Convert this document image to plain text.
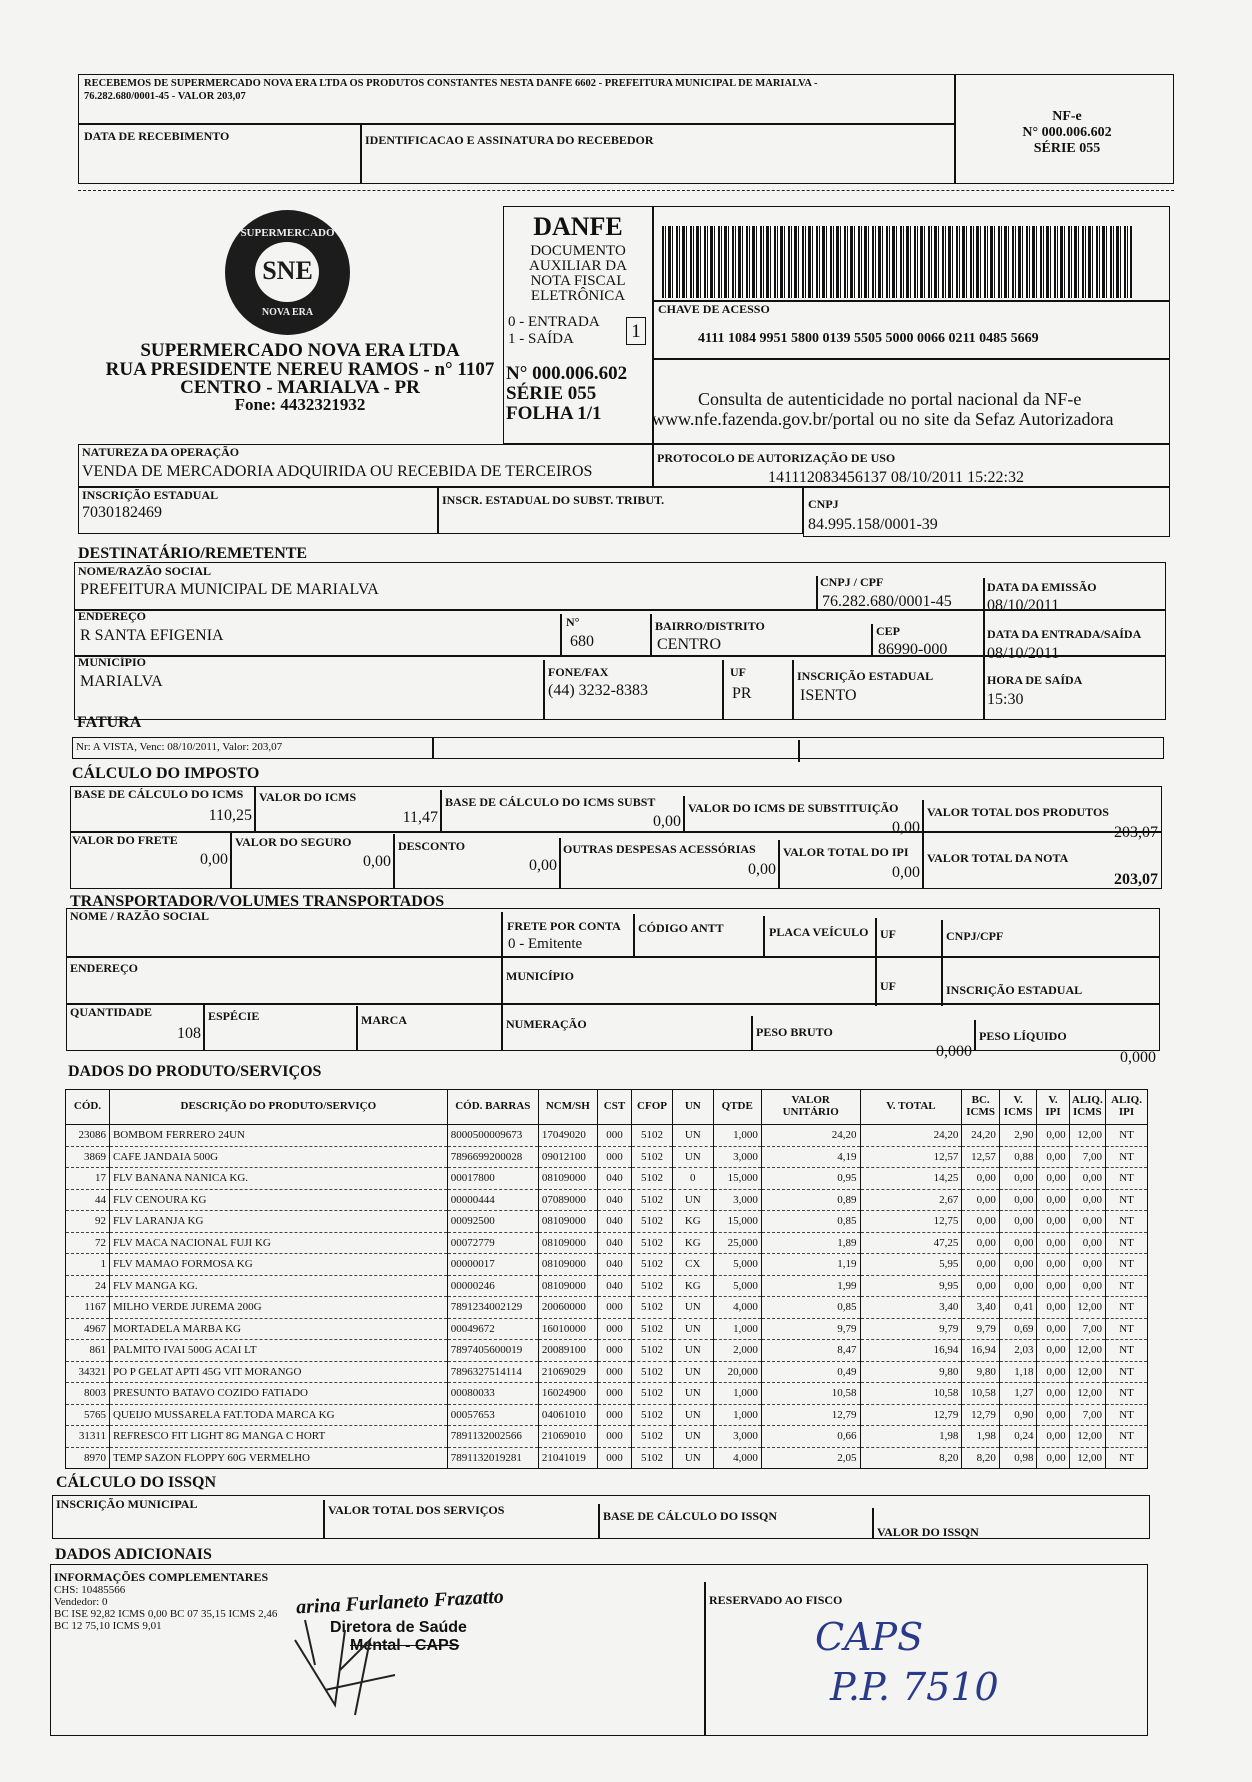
RECEBEMOS DE SUPERMERCADO NOVA ERA LTDA OS PRODUTOS CONSTANTES NESTA DANFE 6602 - PREFEITURA MUNICIPAL DE MARIALVA -
76.282.680/0001-45 - VALOR 203,07
DATA DE RECEBIMENTO	IDENTIFICACAO E ASSINATURA DO RECEBEDOR
NF-e
N° 000.006.602
SÉRIE 055
SUPERMERCADO
SNE
NOVA ERA
SUPERMERCADO NOVA ERA LTDA
RUA PRESIDENTE NEREU RAMOS - n° 1107
CENTRO - MARIALVA - PR
Fone: 4432321932
DANFE
DOCUMENTO
AUXILIAR DA
NOTA FISCAL
ELETRÔNICA
0 - ENTRADA
1 - SAÍDA	1
N° 000.006.602
SÉRIE 055
FOLHA 1/1
CHAVE DE ACESSO
4111 1084 9951 5800 0139 5505 5000 0066 0211 0485 5669
Consulta de autenticidade no portal nacional da NF-e
www.nfe.fazenda.gov.br/portal ou no site da Sefaz Autorizadora
NATUREZA DA OPERAÇÃO
VENDA DE MERCADORIA ADQUIRIDA OU RECEBIDA DE TERCEIROS
PROTOCOLO DE AUTORIZAÇÃO DE USO
141112083456137 08/10/2011 15:22:32
INSCRIÇÃO ESTADUAL
7030182469
INSCR. ESTADUAL DO SUBST. TRIBUT.	CNPJ
84.995.158/0001-39
DESTINATÁRIO/REMETENTE
NOME/RAZÃO SOCIAL
PREFEITURA MUNICIPAL DE MARIALVA	CNPJ / CPF
76.282.680/0001-45
DATA DA EMISSÃO
08/10/2011
ENDEREÇO
R SANTA EFIGENIA
N°
680
BAIRRO/DISTRITO
CENTRO
CEP
86990-000
DATA DA ENTRADA/SAÍDA
08/10/2011
MUNICÍPIO
MARIALVA
FONE/FAX
(44) 3232-8383
UF
PR
INSCRIÇÃO ESTADUAL
ISENTO
HORA DE SAÍDA
15:30
FATURA
Nr: A VISTA, Venc: 08/10/2011, Valor: 203,07
CÁLCULO DO IMPOSTO
BASE DE CÁLCULO DO ICMS
110,25
VALOR DO ICMS
11,47
BASE DE CÁLCULO DO ICMS SUBST
0,00
VALOR DO ICMS DE SUBSTITUIÇÃO
0,00
VALOR TOTAL DOS PRODUTOS
203,07
VALOR DO FRETE
0,00
VALOR DO SEGURO
0,00
DESCONTO
0,00
OUTRAS DESPESAS ACESSÓRIAS
0,00
VALOR TOTAL DO IPI
0,00
VALOR TOTAL DA NOTA
203,07
TRANSPORTADOR/VOLUMES TRANSPORTADOS
NOME / RAZÃO SOCIAL
FRETE POR CONTA
0 - Emitente
CÓDIGO ANTT	PLACA VEÍCULO UF	CNPJ/CPF
ENDEREÇO
MUNICÍPIO
UF	INSCRIÇÃO ESTADUAL
QUANTIDADE
108
ESPÉCIE	MARCA	NUMERAÇÃO
PESO BRUTO
0,000
PESO LÍQUIDO
0,000
DADOS DO PRODUTO/SERVIÇOS
CÓD.	DESCRIÇÃO DO PRODUTO/SERVIÇO	CÓD. BARRAS	NCM/SH	CST	CFOP	UN	QTDE	VALOR UNITÁRIO	V. TOTAL	BC. ICMS	V. ICMS	V. IPI	ALIQ. ICMS	ALIQ. IPI
23086	BOMBOM FERRERO 24UN	8000500009673	17049020	000	5102	UN	1,000	24,20	24,20	24,20	2,90	0,00	12,00	NT
3869	CAFE JANDAIA 500G	7896699200028	09012100	000	5102	UN	3,000	4,19	12,57	12,57	0,88	0,00	7,00	NT
17	FLV BANANA NANICA KG.	00017800	08109000	040	5102	0	15,000	0,95	14,25	0,00	0,00	0,00	0,00	NT
44	FLV CENOURA KG	00000444	07089000	040	5102	UN	3,000	0,89	2,67	0,00	0,00	0,00	0,00	NT
92	FLV LARANJA KG	00092500	08109000	040	5102	KG	15,000	0,85	12,75	0,00	0,00	0,00	0,00	NT
72	FLV MACA NACIONAL FUJI KG	00072779	08109000	040	5102	KG	25,000	1,89	47,25	0,00	0,00	0,00	0,00	NT
1	FLV MAMAO FORMOSA KG	00000017	08109000	040	5102	CX	5,000	1,19	5,95	0,00	0,00	0,00	0,00	NT
24	FLV MANGA KG.	00000246	08109000	040	5102	KG	5,000	1,99	9,95	0,00	0,00	0,00	0,00	NT
1167	MILHO VERDE JUREMA 200G	7891234002129	20060000	000	5102	UN	4,000	0,85	3,40	3,40	0,41	0,00	12,00	NT
4967	MORTADELA MARBA KG	00049672	16010000	000	5102	UN	1,000	9,79	9,79	9,79	0,69	0,00	7,00	NT
861	PALMITO IVAI 500G ACAI LT	7897405600019	20089100	000	5102	UN	2,000	8,47	16,94	16,94	2,03	0,00	12,00	NT
34321	PO P GELAT APTI 45G VIT MORANGO	7896327514114	21069029	000	5102	UN	20,000	0,49	9,80	9,80	1,18	0,00	12,00	NT
8003	PRESUNTO BATAVO COZIDO FATIADO	00080033	16024900	000	5102	UN	1,000	10,58	10,58	10,58	1,27	0,00	12,00	NT
5765	QUEIJO MUSSARELA FAT.TODA MARCA KG	00057653	04061010	000	5102	UN	1,000	12,79	12,79	12,79	0,90	0,00	7,00	NT
31311	REFRESCO FIT LIGHT 8G MANGA C HORT	7891132002566	21069010	000	5102	UN	3,000	0,66	1,98	1,98	0,24	0,00	12,00	NT
8970	TEMP SAZON FLOPPY 60G VERMELHO	7891132019281	21041019	000	5102	UN	4,000	2,05	8,20	8,20	0,98	0,00	12,00	NT
CÁLCULO DO ISSQN
INSCRIÇÃO MUNICIPAL	VALOR TOTAL DOS SERVIÇOS	BASE DE CÁLCULO DO ISSQN
VALOR DO ISSQN
DADOS ADICIONAIS
INFORMAÇÕES COMPLEMENTARES
CHS: 10485566
Vendedor: 0
BC ISE 92,82 ICMS 0,00 BC 07 35,15 ICMS 2,46
BC 12 75,10 ICMS 9,01
RESERVADO AO FISCO
arina Furlaneto Frazatto
Diretora de Saúde
Mental - CAPS	CAPS
P.P. 7510
